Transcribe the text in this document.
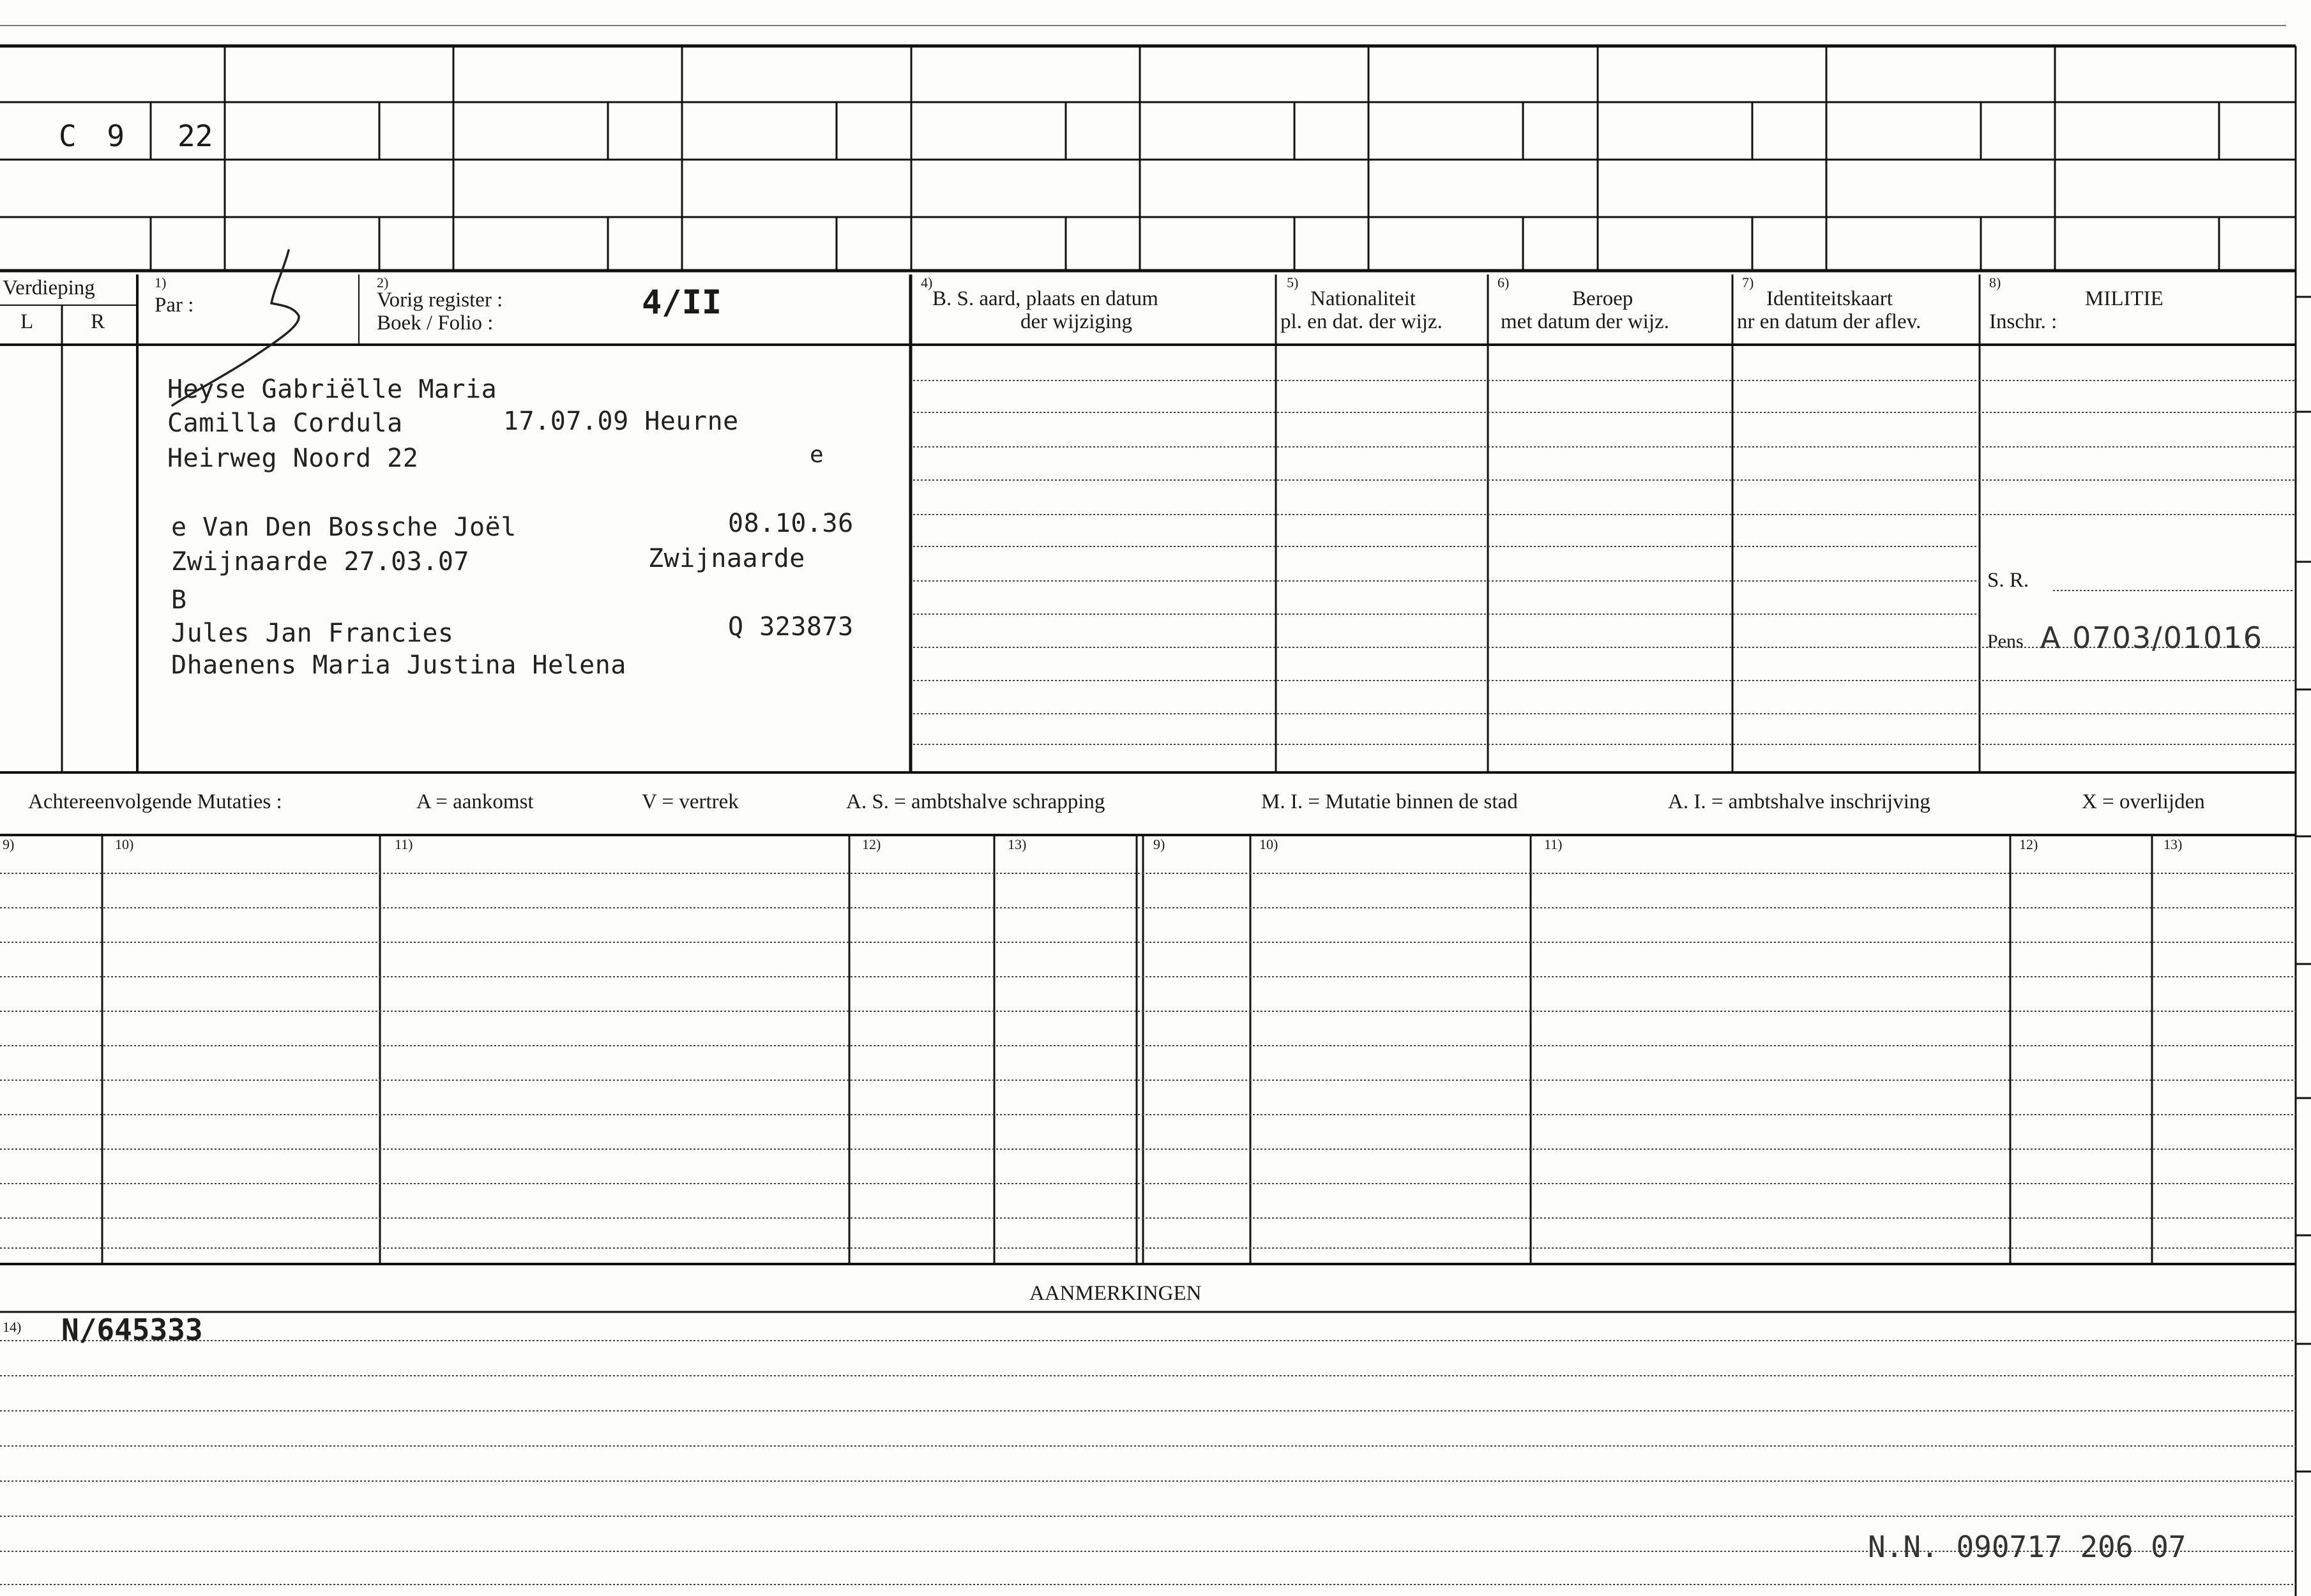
C 9 22
Verdieping
L	R
1)
Par :
2)
Vorig register :
Boek / Folio :
4/II
4)
B. S. aard, plaats en datum
der wijziging
5)
Nationaliteit
pl. en dat. der wijz.
6)
Beroep
met datum der wijz.
7)
Identiteitskaart
nr en datum der aflev.
8)
MILITIE
Inschr. :
S. R.
Pens A 0703/01016
Heyse Gabriëlle Maria
Camilla Cordula	17.07.09 Heurne
Heirweg Noord 22	e
e Van Den Bossche Joël	08.10.36
Zwijnaarde 27.03.07	Zwijnaarde
B
Jules Jan Francies	Q 323873
Dhaenens Maria Justina Helena
Achtereenvolgende Mutaties :	A = aankomst	V = vertrek	A. S. = ambtshalve schrapping	M. I. = Mutatie binnen de stad	A. I. = ambtshalve inschrijving	X = overlijden
9)	10)	11)	12)	13)	9)	10)	11)	12)	13)
AANMERKINGEN
14) N/645333
N.N. 090717 206 07
